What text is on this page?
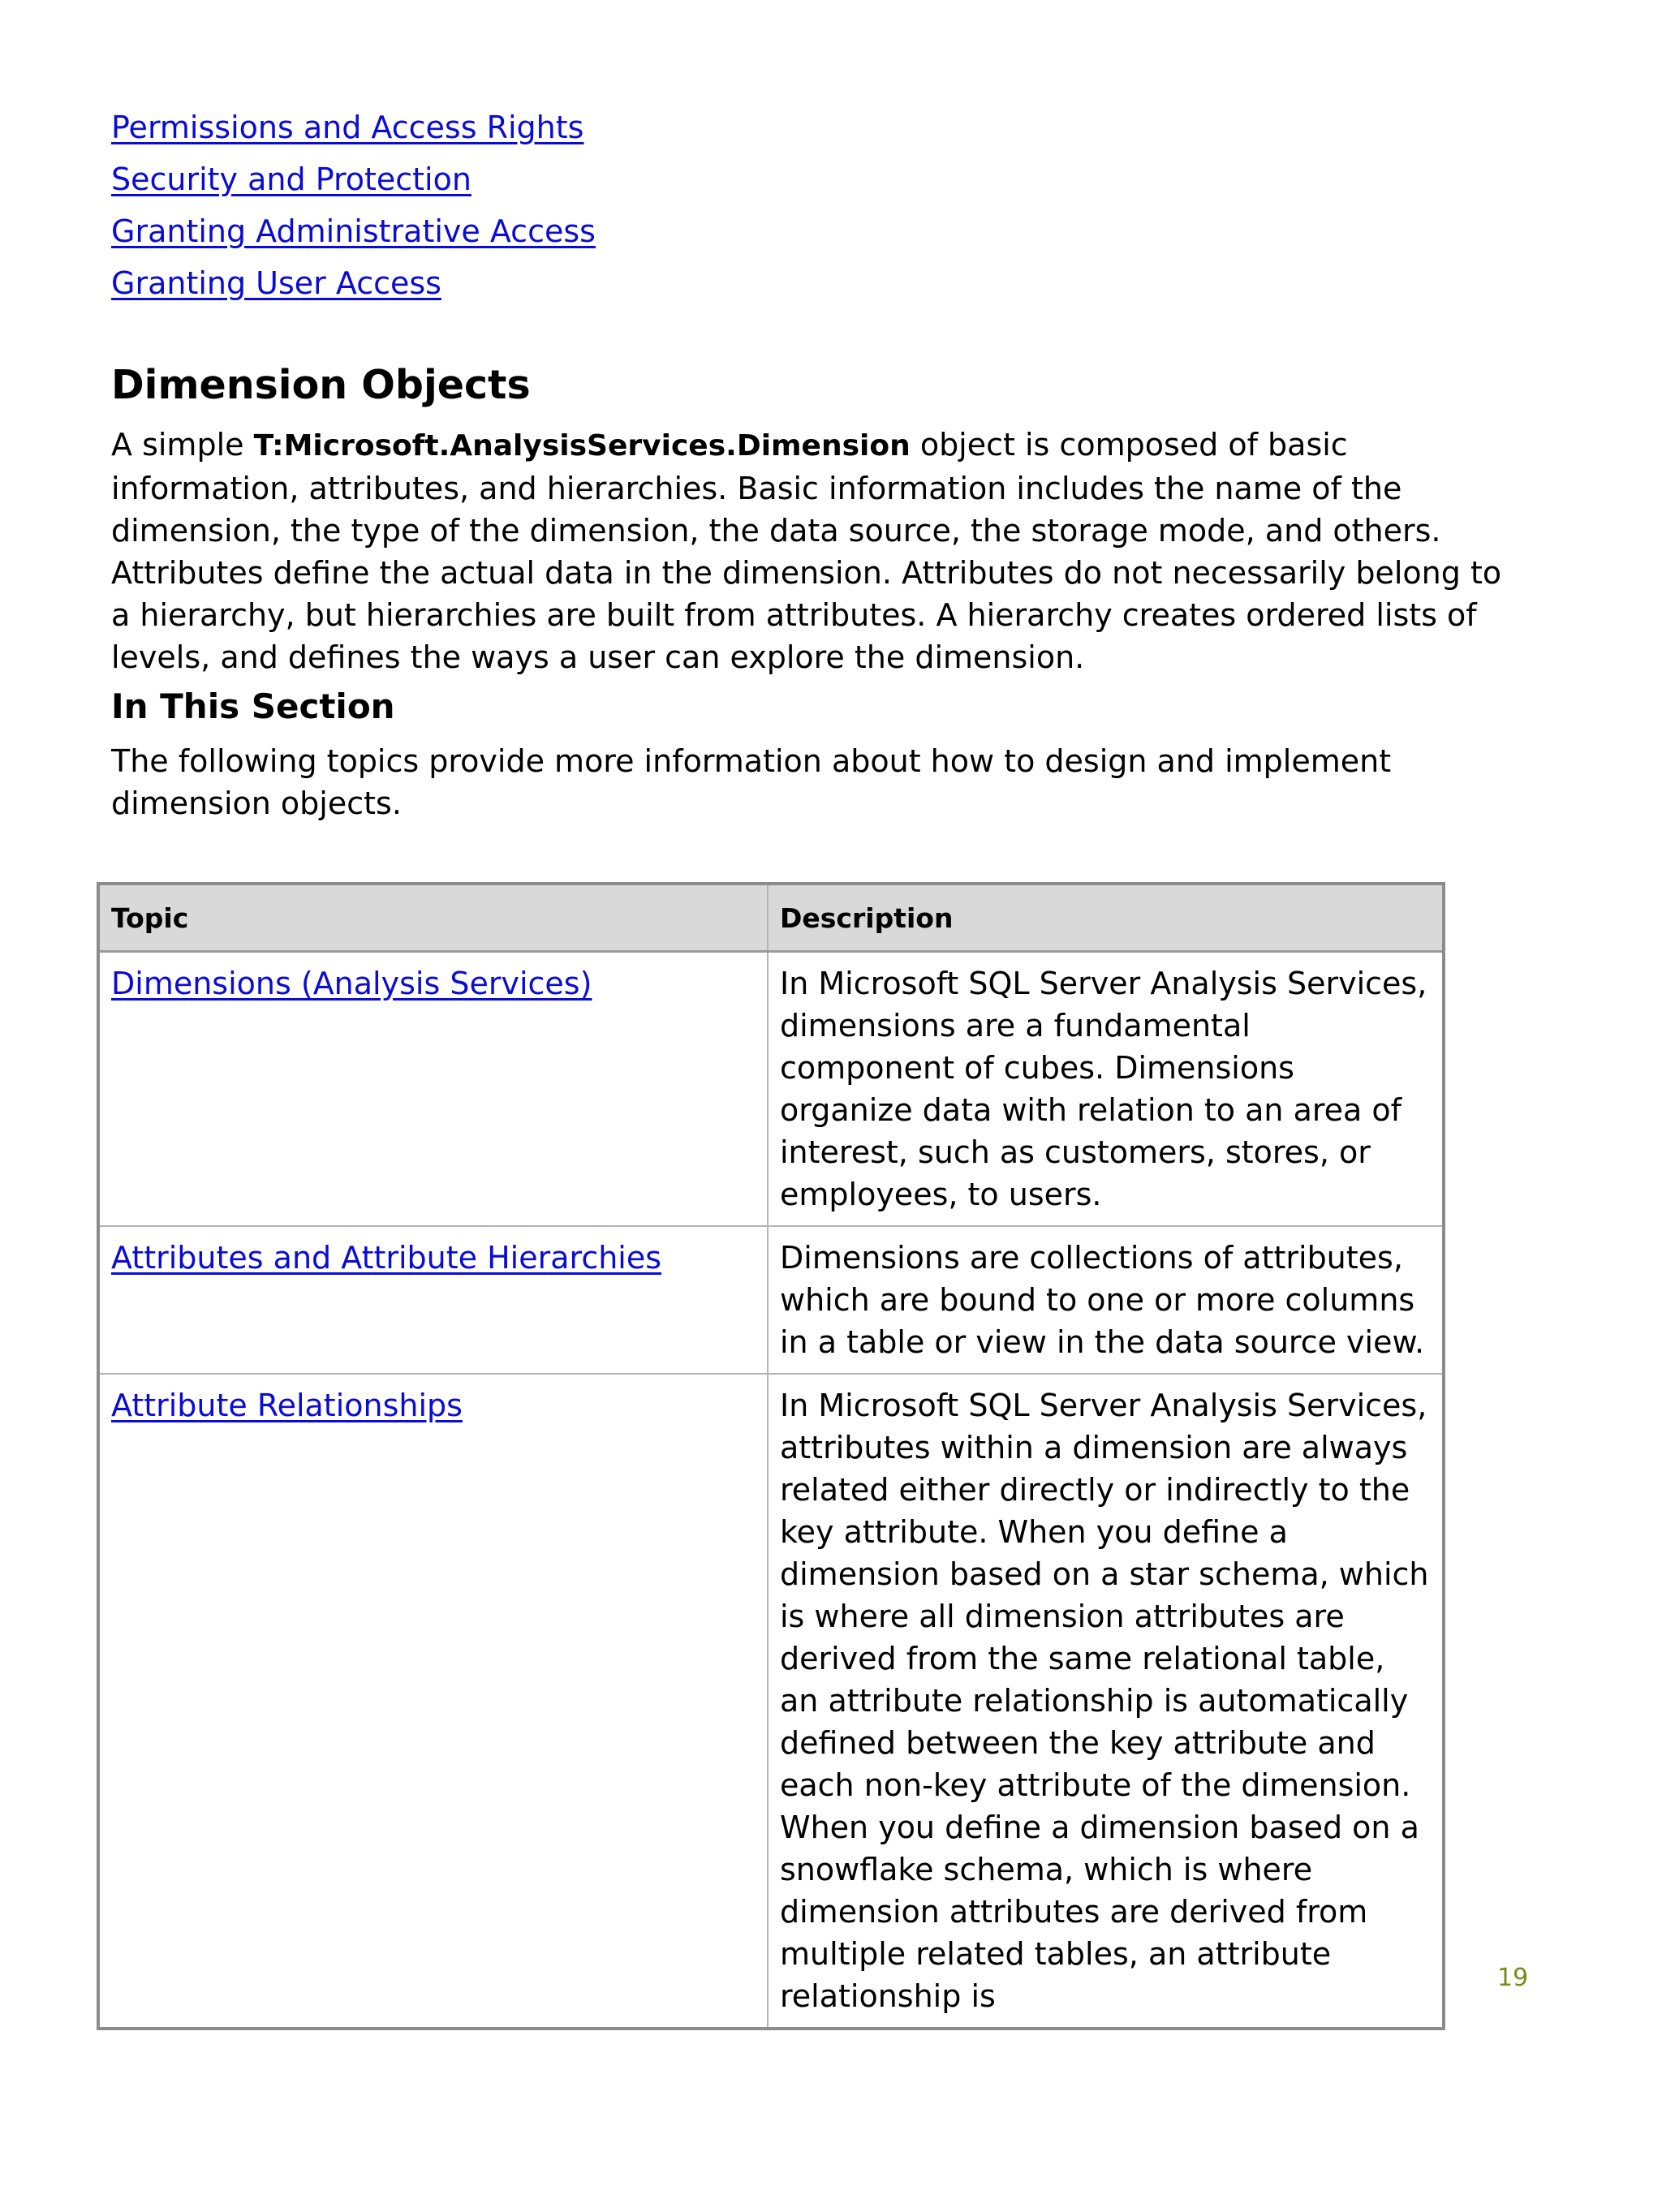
Permissions and Access Rights
Security and Protection
Granting Administrative Access
Granting User Access
Dimension Objects

A simple T:Microsoft.AnalysisServices.Dimension object is composed of basic information, attributes, and hierarchies. Basic information includes the name of the dimension, the type of the dimension, the data source, the storage mode, and others. Attributes define the actual data in the dimension. Attributes do not necessarily belong to a hierarchy, but hierarchies are built from attributes. A hierarchy creates ordered lists of levels, and defines the ways a user can explore the dimension.

In This Section

The following topics provide more information about how to design and implement dimension objects.

Topic	Description
Dimensions (Analysis Services)	In Microsoft SQL Server Analysis Services, dimensions are a fundamental component of cubes. Dimensions organize data with relation to an area of interest, such as customers, stores, or employees, to users.
Attributes and Attribute Hierarchies	Dimensions are collections of attributes, which are bound to one or more columns in a table or view in the data source view.
Attribute Relationships	In Microsoft SQL Server Analysis Services, attributes within a dimension are always related either directly or indirectly to the key attribute. When you define a dimension based on a star schema, which is where all dimension attributes are derived from the same relational table, an attribute relationship is automatically defined between the key attribute and each non-key attribute of the dimension. When you define a dimension based on a snowflake schema, which is where dimension attributes are derived from multiple related tables, an attribute relationship is
19
